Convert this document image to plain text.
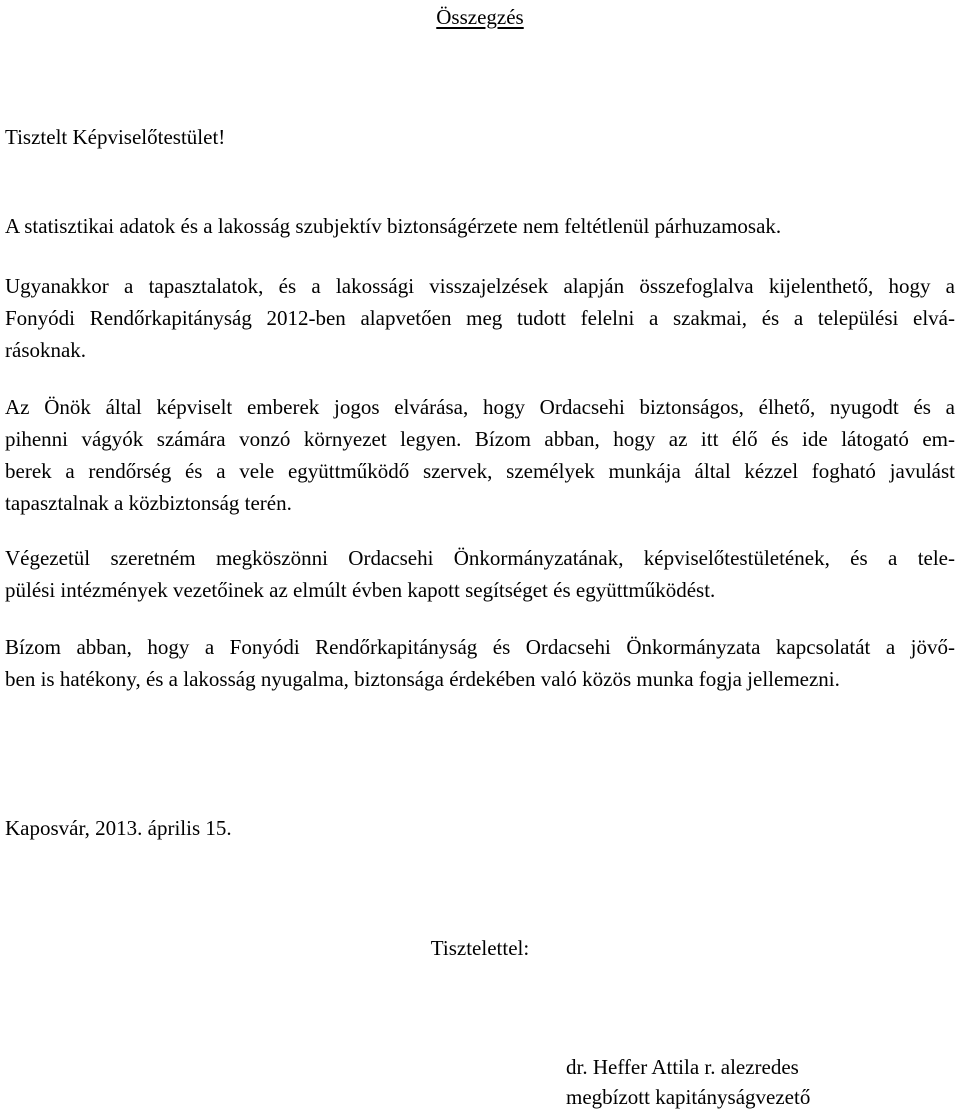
Összegzés
Tisztelt Képviselőtestület!

A statisztikai adatok és a lakosság szubjektív biztonságérzete nem feltétlenül párhuzamosak.

Ugyanakkor a tapasztalatok, és a lakossági visszajelzések alapján összefoglalva kijelenthető, hogy a
Fonyódi Rendőrkapitányság 2012-ben alapvetően meg tudott felelni a szakmai, és a települési elvá-
rásoknak.

Az Önök által képviselt emberek jogos elvárása, hogy Ordacsehi biztonságos, élhető, nyugodt és a
pihenni vágyók számára vonzó környezet legyen. Bízom abban, hogy az itt élő és ide látogató em-
berek a rendőrség és a vele együttműködő szervek, személyek munkája által kézzel fogható javulást
tapasztalnak a közbiztonság terén.

Végezetül szeretném megköszönni Ordacsehi Önkormányzatának, képviselőtestületének, és a tele-
pülési intézmények vezetőinek az elmúlt évben kapott segítséget és együttműködést.

Bízom abban, hogy a Fonyódi Rendőrkapitányság és Ordacsehi Önkormányzata kapcsolatát a jövő-
ben is hatékony, és a lakosság nyugalma, biztonsága érdekében való közös munka fogja jellemezni.

Kaposvár, 2013. április 15.
Tisztelettel:
dr. Heffer Attila r. alezredes
megbízott kapitányságvezető
